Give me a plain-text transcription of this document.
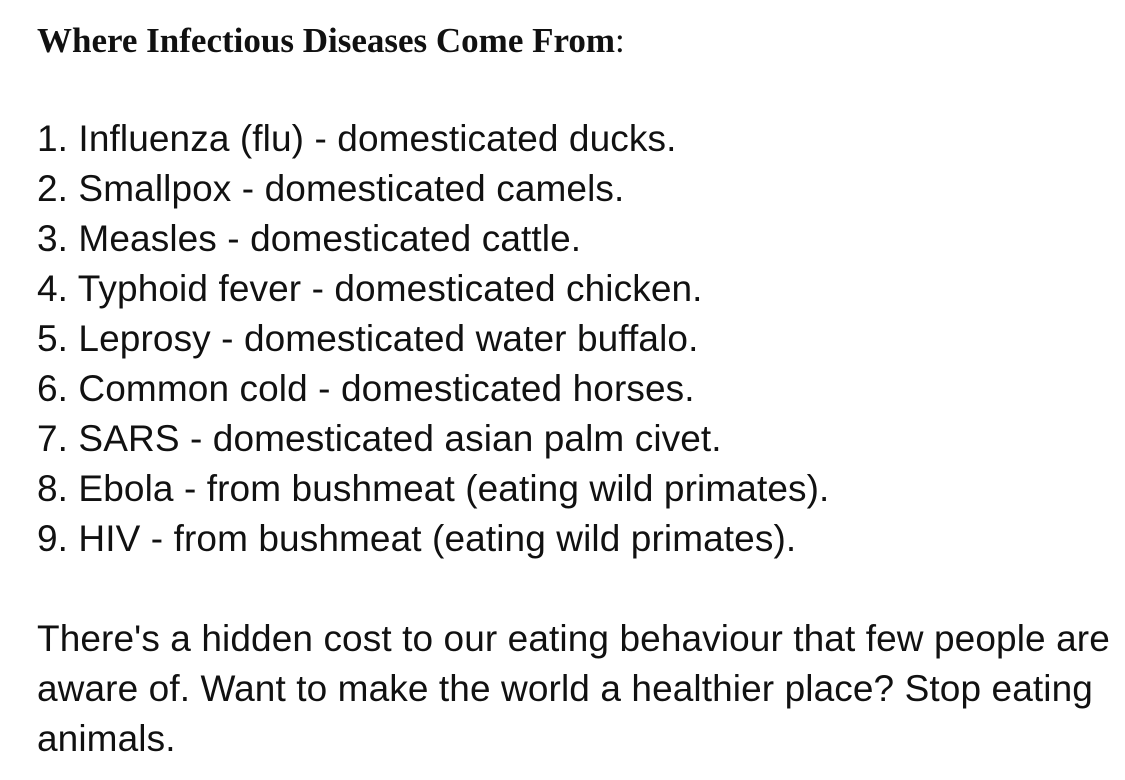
Where Infectious Diseases Come From:
1. Influenza (flu) - domesticated ducks.
2. Smallpox - domesticated camels.
3. Measles - domesticated cattle.
4. Typhoid fever - domesticated chicken.
5. Leprosy - domesticated water buffalo.
6. Common cold - domesticated horses.
7. SARS - domesticated asian palm civet.
8. Ebola - from bushmeat (eating wild primates).
9. HIV - from bushmeat (eating wild primates).

There's a hidden cost to our eating behaviour that few people are aware of. Want to make the world a healthier place? Stop eating animals.
